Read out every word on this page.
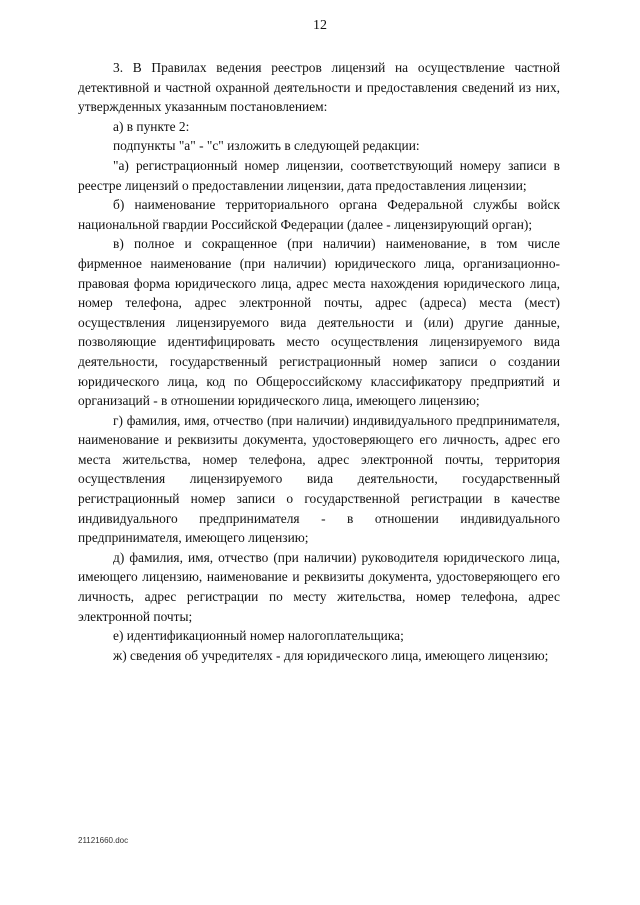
12

3. В Правилах ведения реестров лицензий на осуществление частной детективной и частной охранной деятельности и предоставления сведений из них, утвержденных указанным постановлением:

а) в пункте 2:

подпункты "а" - "с" изложить в следующей редакции:

"а) регистрационный номер лицензии, соответствующий номеру записи в реестре лицензий о предоставлении лицензии, дата предоставления лицензии;

б) наименование территориального органа Федеральной службы войск национальной гвардии Российской Федерации (далее - лицензирующий орган);

в) полное и сокращенное (при наличии) наименование, в том числе фирменное наименование (при наличии) юридического лица, организационно-правовая форма юридического лица, адрес места нахождения юридического лица, номер телефона, адрес электронной почты, адрес (адреса) места (мест) осуществления лицензируемого вида деятельности и (или) другие данные, позволяющие идентифицировать место осуществления лицензируемого вида деятельности, государственный регистрационный номер записи о создании юридического лица, код по Общероссийскому классификатору предприятий и организаций - в отношении юридического лица, имеющего лицензию;

г) фамилия, имя, отчество (при наличии) индивидуального предпринимателя, наименование и реквизиты документа, удостоверяющего его личность, адрес его места жительства, номер телефона, адрес электронной почты, территория осуществления лицензируемого вида деятельности, государственный регистрационный номер записи о государственной регистрации в качестве индивидуального предпринимателя - в отношении индивидуального предпринимателя, имеющего лицензию;

д) фамилия, имя, отчество (при наличии) руководителя юридического лица, имеющего лицензию, наименование и реквизиты документа, удостоверяющего его личность, адрес регистрации по месту жительства, номер телефона, адрес электронной почты;

е) идентификационный номер налогоплательщика;

ж) сведения об учредителях - для юридического лица, имеющего лицензию;

21121660.doc
